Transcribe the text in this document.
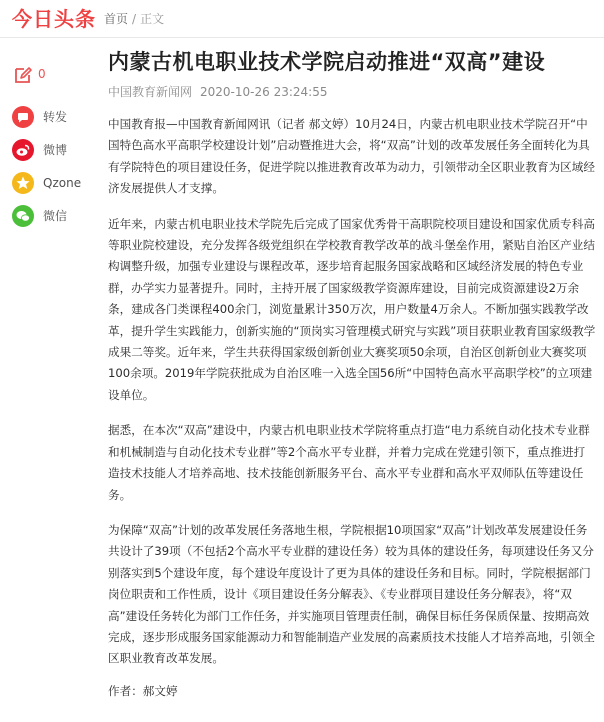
今日头条 首页 / 正文
0
转发
微博
Qzone
微信
内蒙古机电职业技术学院启动推进“双高”建设
中国教育新闻网 2020-10-26 23:24:55

中国教育报—中国教育新闻网讯（记者 郝文婷）10月24日，内蒙古机电职业技术学院召开“中国特色高水平高职学校建设计划”启动暨推进大会，将“双高”计划的改革发展任务全面转化为具有学院特色的项目建设任务，促进学院以推进教育改革为动力，引领带动全区职业教育为区域经济发展提供人才支撑。

近年来，内蒙古机电职业技术学院先后完成了国家优秀骨干高职院校项目建设和国家优质专科高等职业院校建设，充分发挥各级党组织在学校教育教学改革的战斗堡垒作用，紧贴自治区产业结构调整升级，加强专业建设与课程改革，逐步培育起服务国家战略和区域经济发展的特色专业群，办学实力显著提升。同时，主持开展了国家级教学资源库建设，目前完成资源建设2万余条，建成各门类课程400余门，浏览量累计350万次，用户数量4万余人。不断加强实践教学改革，提升学生实践能力，创新实施的“顶岗实习管理模式研究与实践”项目获职业教育国家级教学成果二等奖。近年来，学生共获得国家级创新创业大赛奖项50余项，自治区创新创业大赛奖项100余项。2019年学院获批成为自治区唯一入选全国56所“中国特色高水平高职学校”的立项建设单位。

据悉，在本次“双高”建设中，内蒙古机电职业技术学院将重点打造“电力系统自动化技术专业群和机械制造与自动化技术专业群”等2个高水平专业群，并着力完成在党建引领下，重点推进打造技术技能人才培养高地、技术技能创新服务平台、高水平专业群和高水平双师队伍等建设任务。

为保障“双高”计划的改革发展任务落地生根，学院根据10项国家“双高”计划改革发展建设任务共设计了39项（不包括2个高水平专业群的建设任务）较为具体的建设任务，每项建设任务又分别落实到5个建设年度，每个建设年度设计了更为具体的建设任务和目标。同时，学院根据部门岗位职责和工作性质，设计《项目建设任务分解表》、《专业群项目建设任务分解表》，将“双高”建设任务转化为部门工作任务，并实施项目管理责任制，确保目标任务保质保量、按期高效完成，逐步形成服务国家能源动力和智能制造产业发展的高素质技术技能人才培养高地，引领全区职业教育改革发展。

作者：郝文婷
